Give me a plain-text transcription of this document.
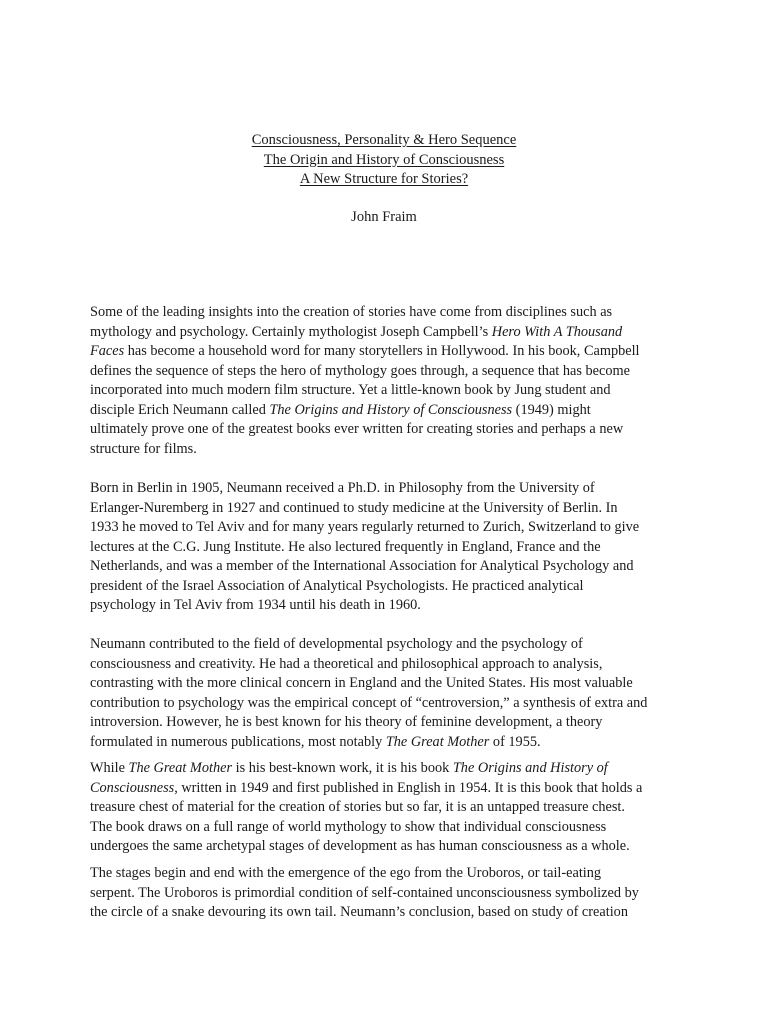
Consciousness, Personality & Hero Sequence
The Origin and History of Consciousness
A New Structure for Stories?
John Fraim
Some of the leading insights into the creation of stories have come from disciplines such as
mythology and psychology. Certainly mythologist Joseph Campbell’s Hero With A Thousand
Faces has become a household word for many storytellers in Hollywood. In his book, Campbell
defines the sequence of steps the hero of mythology goes through, a sequence that has become
incorporated into much modern film structure. Yet a little-known book by Jung student and
disciple Erich Neumann called The Origins and History of Consciousness (1949) might
ultimately prove one of the greatest books ever written for creating stories and perhaps a new
structure for films.
Born in Berlin in 1905, Neumann received a Ph.D. in Philosophy from the University of
Erlanger-Nuremberg in 1927 and continued to study medicine at the University of Berlin. In
1933 he moved to Tel Aviv and for many years regularly returned to Zurich, Switzerland to give
lectures at the C.G. Jung Institute. He also lectured frequently in England, France and the
Netherlands, and was a member of the International Association for Analytical Psychology and
president of the Israel Association of Analytical Psychologists. He practiced analytical
psychology in Tel Aviv from 1934 until his death in 1960.
Neumann contributed to the field of developmental psychology and the psychology of
consciousness and creativity. He had a theoretical and philosophical approach to analysis,
contrasting with the more clinical concern in England and the United States. His most valuable
contribution to psychology was the empirical concept of “centroversion,” a synthesis of extra and
introversion. However, he is best known for his theory of feminine development, a theory
formulated in numerous publications, most notably The Great Mother of 1955.
While The Great Mother is his best-known work, it is his book The Origins and History of
Consciousness, written in 1949 and first published in English in 1954. It is this book that holds a
treasure chest of material for the creation of stories but so far, it is an untapped treasure chest.
The book draws on a full range of world mythology to show that individual consciousness
undergoes the same archetypal stages of development as has human consciousness as a whole.
The stages begin and end with the emergence of the ego from the Uroboros, or tail-eating
serpent. The Uroboros is primordial condition of self-contained unconsciousness symbolized by
the circle of a snake devouring its own tail. Neumann’s conclusion, based on study of creation
